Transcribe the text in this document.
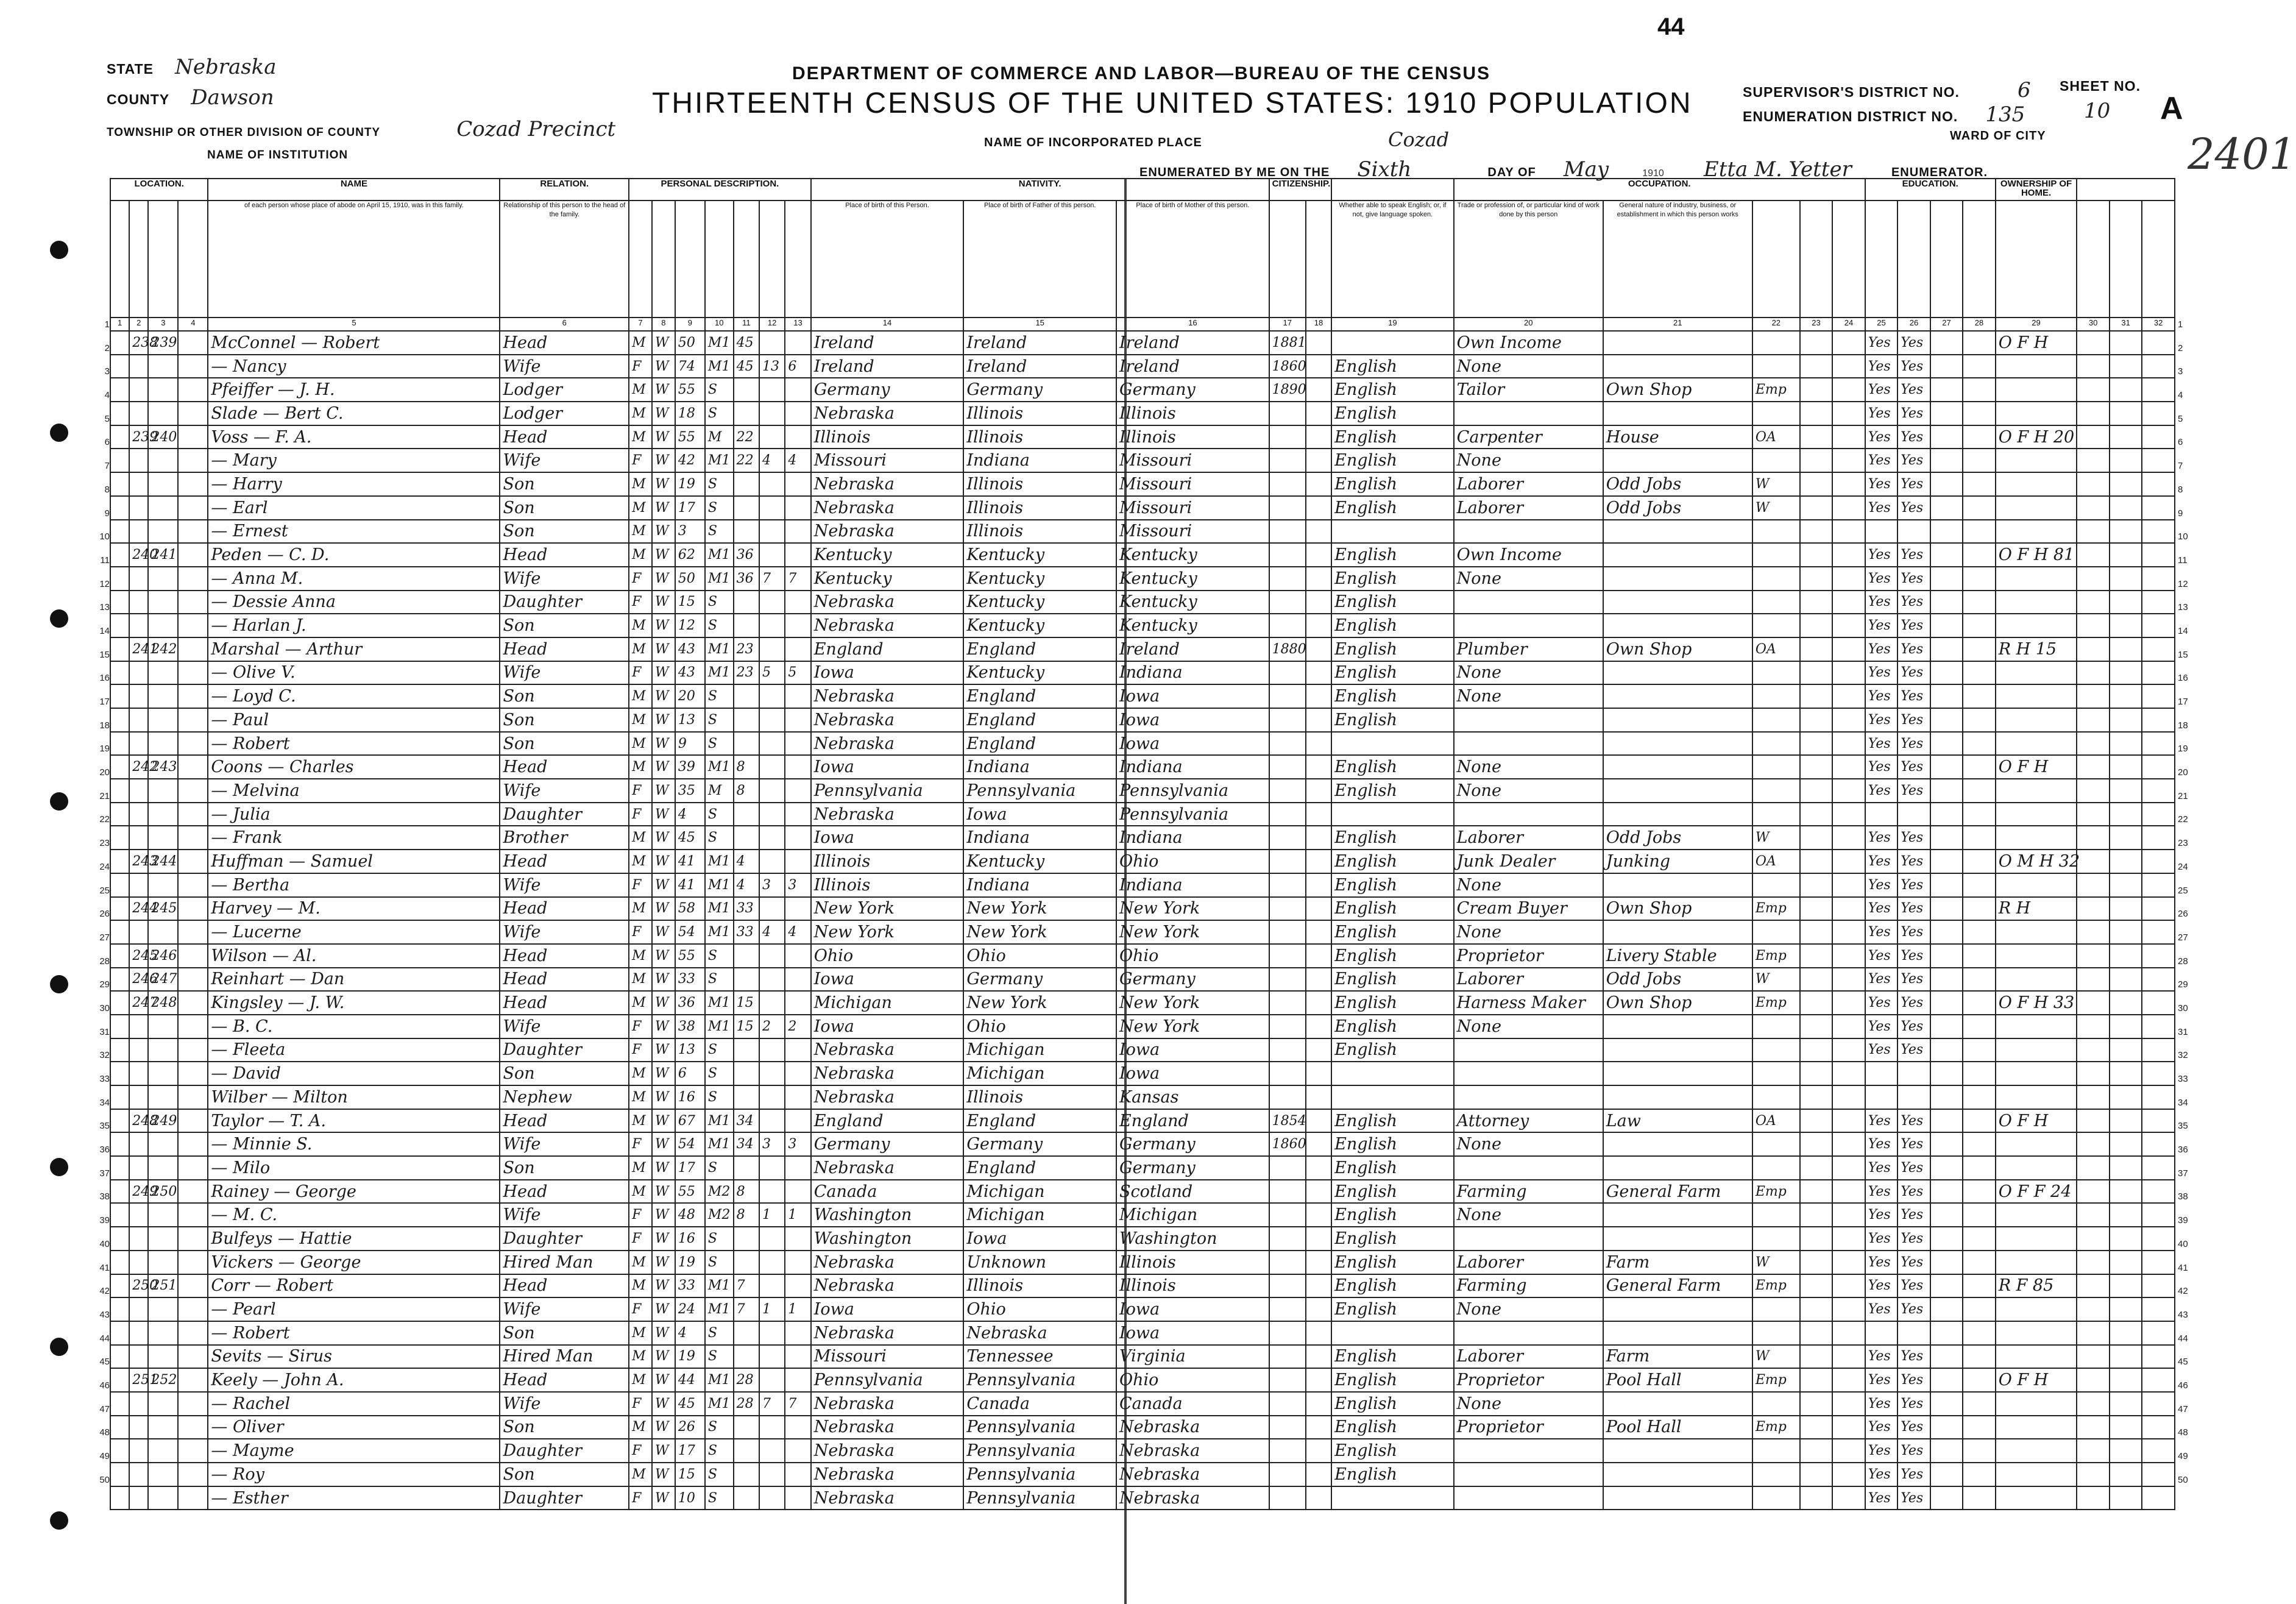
STATE Nebraska
COUNTY Dawson
TOWNSHIP OR OTHER DIVISION OF COUNTY	Cozad Precinct
NAME OF INSTITUTION
DEPARTMENT OF COMMERCE AND LABOR—BUREAU OF THE CENSUS
THIRTEENTH CENSUS OF THE UNITED STATES: 1910 POPULATION
44
NAME OF INCORPORATED PLACE	Cozad
ENUMERATED BY ME ON THE Sixth	DAY OF May	1910 Etta M. Yetter	ENUMERATOR.
SUPERVISOR'S DISTRICT NO.	6
ENUMERATION DISTRICT NO. 135
SHEET NO.
10 A
WARD OF CITY	2401
1
2
3
4
5
6
7
8
9
10
11
12
13
14
15
16
17
18
19
20
21
22
23
24
25
26
27
28
29
30
31
32
33
34
35
36
37
38
39
40
41
42
43
44
45
46
47
48
49
50
1
2
3
4
5
6
7
8
9
10
11
12
13
14
15
16
17
18
19
20
21
22
23
24
25
26
27
28
29
30
31
32
33
34
35
36
37
38
39
40
41
42
43
44
45
46
47
48
49
50
LOCATION.				NAME	RELATION.	PERSONAL DESCRIPTION.							NATIVITY.			CITIZENSHIP.			OCCUPATION.					EDUCATION.				OWNERSHIP OF HOME.			
				of each person whose place of abode on April 15, 1910, was in this family.	Relationship of this person to the head of the family.								Place of birth of this Person.	Place of birth of Father of this person.	Place of birth of Mother of this person.			Whether able to speak English; or, if not, give language spoken.	Trade or profession of, or particular kind of work done by this person	General nature of industry, business, or establishment in which this person works											
1	2	3	4	5	6	7	8	9	10	11	12	13	14	15	16	17	18	19	20	21	22	23	24	25	26	27	28	29	30	31	32
	238	239		McConnel — Robert	Head	M	W	50	M1	45			Ireland	Ireland	Ireland	1881			Own Income					Yes	Yes			O F H			
				— Nancy	Wife	F	W	74	M1	45	13	6	Ireland	Ireland	Ireland	1860		English	None					Yes	Yes						
				Pfeiffer — J. H.	Lodger	M	W	55	S				Germany	Germany	Germany	1890		English	Tailor	Own Shop	Emp			Yes	Yes						
				Slade — Bert C.	Lodger	M	W	18	S				Nebraska	Illinois	Illinois			English						Yes	Yes						
	239	240		Voss — F. A.	Head	M	W	55	M	22			Illinois	Illinois	Illinois			English	Carpenter	House	OA			Yes	Yes			O F H 20			
				— Mary	Wife	F	W	42	M1	22	4	4	Missouri	Indiana	Missouri			English	None					Yes	Yes						
				— Harry	Son	M	W	19	S				Nebraska	Illinois	Missouri			English	Laborer	Odd Jobs	W			Yes	Yes						
				— Earl	Son	M	W	17	S				Nebraska	Illinois	Missouri			English	Laborer	Odd Jobs	W			Yes	Yes						
				— Ernest	Son	M	W	3	S				Nebraska	Illinois	Missouri																
	240	241		Peden — C. D.	Head	M	W	62	M1	36			Kentucky	Kentucky	Kentucky			English	Own Income					Yes	Yes			O F H 81			
				— Anna M.	Wife	F	W	50	M1	36	7	7	Kentucky	Kentucky	Kentucky			English	None					Yes	Yes						
				— Dessie Anna	Daughter	F	W	15	S				Nebraska	Kentucky	Kentucky			English						Yes	Yes						
				— Harlan J.	Son	M	W	12	S				Nebraska	Kentucky	Kentucky			English						Yes	Yes						
	241	242		Marshal — Arthur	Head	M	W	43	M1	23			England	England	Ireland	1880		English	Plumber	Own Shop	OA			Yes	Yes			R H 15			
				— Olive V.	Wife	F	W	43	M1	23	5	5	Iowa	Kentucky	Indiana			English	None					Yes	Yes						
				— Loyd C.	Son	M	W	20	S				Nebraska	England	Iowa			English	None					Yes	Yes						
				— Paul	Son	M	W	13	S				Nebraska	England	Iowa			English						Yes	Yes						
				— Robert	Son	M	W	9	S				Nebraska	England	Iowa									Yes	Yes						
	242	243		Coons — Charles	Head	M	W	39	M1	8			Iowa	Indiana	Indiana			English	None					Yes	Yes			O F H			
				— Melvina	Wife	F	W	35	M	8			Pennsylvania	Pennsylvania	Pennsylvania			English	None					Yes	Yes						
				— Julia	Daughter	F	W	4	S				Nebraska	Iowa	Pennsylvania																
				— Frank	Brother	M	W	45	S				Iowa	Indiana	Indiana			English	Laborer	Odd Jobs	W			Yes	Yes						
	243	244		Huffman — Samuel	Head	M	W	41	M1	4			Illinois	Kentucky	Ohio			English	Junk Dealer	Junking	OA			Yes	Yes			O M H 32			
				— Bertha	Wife	F	W	41	M1	4	3	3	Illinois	Indiana	Indiana			English	None					Yes	Yes						
	244	245		Harvey — M.	Head	M	W	58	M1	33			New York	New York	New York			English	Cream Buyer	Own Shop	Emp			Yes	Yes			R H			
				— Lucerne	Wife	F	W	54	M1	33	4	4	New York	New York	New York			English	None					Yes	Yes						
	245	246		Wilson — Al.	Head	M	W	55	S				Ohio	Ohio	Ohio			English	Proprietor	Livery Stable	Emp			Yes	Yes						
	246	247		Reinhart — Dan	Head	M	W	33	S				Iowa	Germany	Germany			English	Laborer	Odd Jobs	W			Yes	Yes						
	247	248		Kingsley — J. W.	Head	M	W	36	M1	15			Michigan	New York	New York			English	Harness Maker	Own Shop	Emp			Yes	Yes			O F H 33			
				— B. C.	Wife	F	W	38	M1	15	2	2	Iowa	Ohio	New York			English	None					Yes	Yes						
				— Fleeta	Daughter	F	W	13	S				Nebraska	Michigan	Iowa			English						Yes	Yes						
				— David	Son	M	W	6	S				Nebraska	Michigan	Iowa																
				Wilber — Milton	Nephew	M	W	16	S				Nebraska	Illinois	Kansas																
	248	249		Taylor — T. A.	Head	M	W	67	M1	34			England	England	England	1854		English	Attorney	Law	OA			Yes	Yes			O F H			
				— Minnie S.	Wife	F	W	54	M1	34	3	3	Germany	Germany	Germany	1860		English	None					Yes	Yes						
				— Milo	Son	M	W	17	S				Nebraska	England	Germany			English						Yes	Yes						
	249	250		Rainey — George	Head	M	W	55	M2	8			Canada	Michigan	Scotland			English	Farming	General Farm	Emp			Yes	Yes			O F F 24			
				— M. C.	Wife	F	W	48	M2	8	1	1	Washington	Michigan	Michigan			English	None					Yes	Yes						
				Bulfeys — Hattie	Daughter	F	W	16	S				Washington	Iowa	Washington			English						Yes	Yes						
				Vickers — George	Hired Man	M	W	19	S				Nebraska	Unknown	Illinois			English	Laborer	Farm	W			Yes	Yes						
	250	251		Corr — Robert	Head	M	W	33	M1	7			Nebraska	Illinois	Illinois			English	Farming	General Farm	Emp			Yes	Yes			R F 85			
				— Pearl	Wife	F	W	24	M1	7	1	1	Iowa	Ohio	Iowa			English	None					Yes	Yes						
				— Robert	Son	M	W	4	S				Nebraska	Nebraska	Iowa																
				Sevits — Sirus	Hired Man	M	W	19	S				Missouri	Tennessee	Virginia			English	Laborer	Farm	W			Yes	Yes						
	251	252		Keely — John A.	Head	M	W	44	M1	28			Pennsylvania	Pennsylvania	Ohio			English	Proprietor	Pool Hall	Emp			Yes	Yes			O F H			
				— Rachel	Wife	F	W	45	M1	28	7	7	Nebraska	Canada	Canada			English	None					Yes	Yes						
				— Oliver	Son	M	W	26	S				Nebraska	Pennsylvania	Nebraska			English	Proprietor	Pool Hall	Emp			Yes	Yes						
				— Mayme	Daughter	F	W	17	S				Nebraska	Pennsylvania	Nebraska			English						Yes	Yes						
				— Roy	Son	M	W	15	S				Nebraska	Pennsylvania	Nebraska			English						Yes	Yes						
				— Esther	Daughter	F	W	10	S				Nebraska	Pennsylvania	Nebraska									Yes	Yes						
